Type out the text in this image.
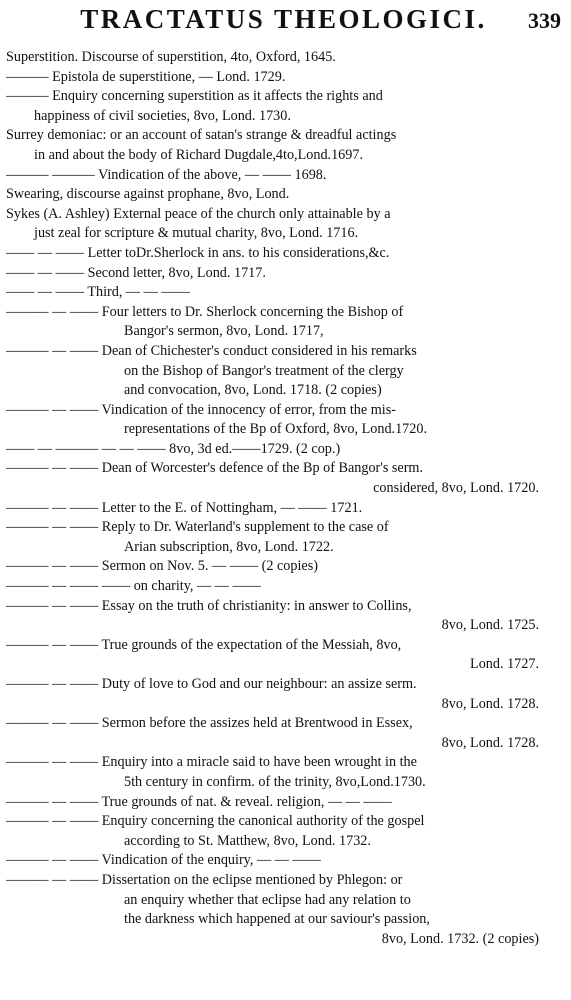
TRACTATUS THEOLOGICI.	339
Superstition. Discourse of superstition, 4to, Oxford, 1645.
——— Epistola de superstitione, — Lond. 1729.
——— Enquiry concerning superstition as it affects the rights and
happiness of civil societies, 8vo, Lond. 1730.
Surrey demoniac: or an account of satan's strange & dreadful actings
in and about the body of Richard Dugdale,4to,Lond.1697.
——— ——— Vindication of the above, — —— 1698.
Swearing, discourse against prophane, 8vo, Lond.
Sykes (A. Ashley) External peace of the church only attainable by a
just zeal for scripture & mutual charity, 8vo, Lond. 1716.
—— — —— Letter toDr.Sherlock in ans. to his considerations,&c.
—— — —— Second letter, 8vo, Lond. 1717.
—— — —— Third, — — ——
——— — —— Four letters to Dr. Sherlock concerning the Bishop of
Bangor's sermon, 8vo, Lond. 1717,
——— — —— Dean of Chichester's conduct considered in his remarks
on the Bishop of Bangor's treatment of the clergy
and convocation, 8vo, Lond. 1718. (2 copies)
——— — —— Vindication of the innocency of error, from the mis-
representations of the Bp of Oxford, 8vo, Lond.1720.
—— — ——— — — —— 8vo, 3d ed.——1729. (2 cop.)
——— — —— Dean of Worcester's defence of the Bp of Bangor's serm.
considered, 8vo, Lond. 1720.
——— — —— Letter to the E. of Nottingham, — —— 1721.
——— — —— Reply to Dr. Waterland's supplement to the case of
Arian subscription, 8vo, Lond. 1722.
——— — —— Sermon on Nov. 5. — —— (2 copies)
——— — —— —— on charity, — — ——
——— — —— Essay on the truth of christianity: in answer to Collins,
8vo, Lond. 1725.
——— — —— True grounds of the expectation of the Messiah, 8vo,
Lond. 1727.
——— — —— Duty of love to God and our neighbour: an assize serm.
8vo, Lond. 1728.
——— — —— Sermon before the assizes held at Brentwood in Essex,
8vo, Lond. 1728.
——— — —— Enquiry into a miracle said to have been wrought in the
5th century in confirm. of the trinity, 8vo,Lond.1730.
——— — —— True grounds of nat. & reveal. religion, — — ——
——— — —— Enquiry concerning the canonical authority of the gospel
according to St. Matthew, 8vo, Lond. 1732.
——— — —— Vindication of the enquiry, — — ——
——— — —— Dissertation on the eclipse mentioned by Phlegon: or
an enquiry whether that eclipse had any relation to
the darkness which happened at our saviour's passion,
8vo, Lond. 1732. (2 copies)
